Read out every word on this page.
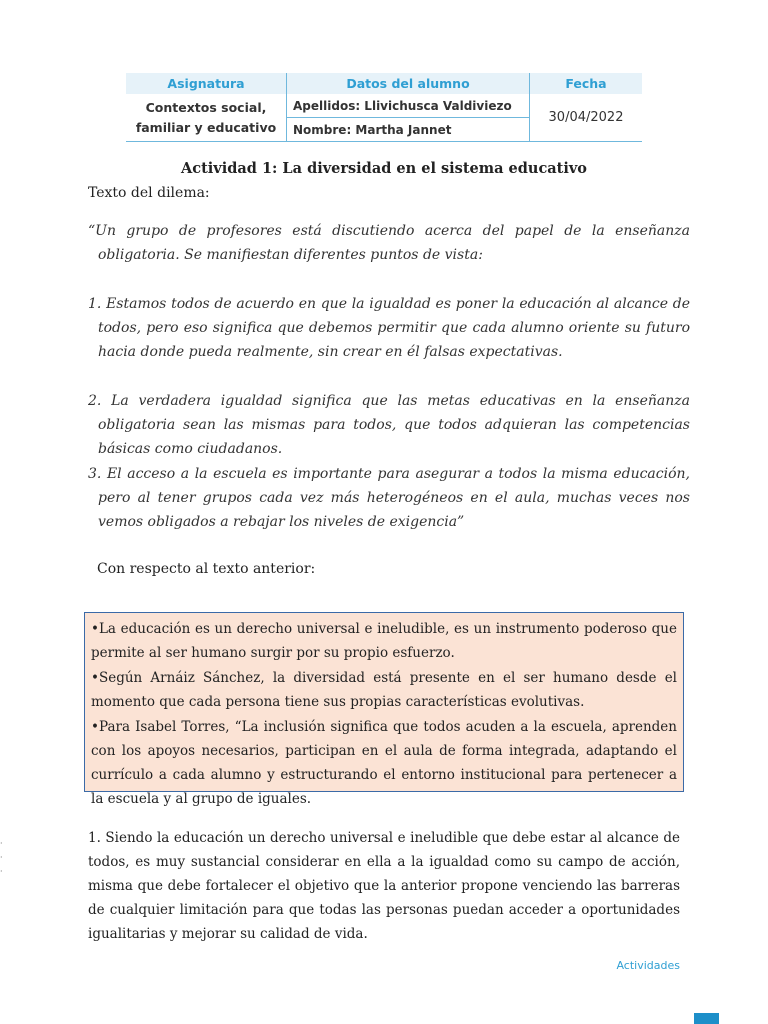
Asignatura	Datos del alumno	Fecha
Contextos social, familiar y educativo	Apellidos: Llivichusca Valdiviezo	30/04/2022
	Nombre: Martha Jannet	

Actividad 1: La diversidad en el sistema educativo

Texto del dilema:

“Un grupo de profesores está discutiendo acerca del papel de la enseñanza obligatoria. Se manifiestan diferentes puntos de vista:

1. Estamos todos de acuerdo en que la igualdad es poner la educación al alcance de todos, pero eso significa que debemos permitir que cada alumno oriente su futuro hacia donde pueda realmente, sin crear en él falsas expectativas.

2. La verdadera igualdad significa que las metas educativas en la enseñanza obligatoria sean las mismas para todos, que todos adquieran las competencias básicas como ciudadanos.

3. El acceso a la escuela es importante para asegurar a todos la misma educación, pero al tener grupos cada vez más heterogéneos en el aula, muchas veces nos vemos obligados a rebajar los niveles de exigencia”

Con respecto al texto anterior:

•La educación es un derecho universal e ineludible, es un instrumento poderoso que permite al ser humano surgir por su propio esfuerzo.

•Según Arnáiz Sánchez, la diversidad está presente en el ser humano desde el momento que cada persona tiene sus propias características evolutivas.

•Para Isabel Torres, “La inclusión significa que todos acuden a la escuela, aprenden con los apoyos necesarios, participan en el aula de forma integrada, adaptando el currículo a cada alumno y estructurando el entorno institucional para pertenecer a la escuela y al grupo de iguales.

1. Siendo la educación un derecho universal e ineludible que debe estar al alcance de todos, es muy sustancial considerar en ella a la igualdad como su campo de acción, misma que debe fortalecer el objetivo que la anterior propone venciendo las barreras de cualquier limitación para que todas las personas puedan acceder a oportunidades igualitarias y mejorar su calidad de vida.

·
·
·
Actividades
